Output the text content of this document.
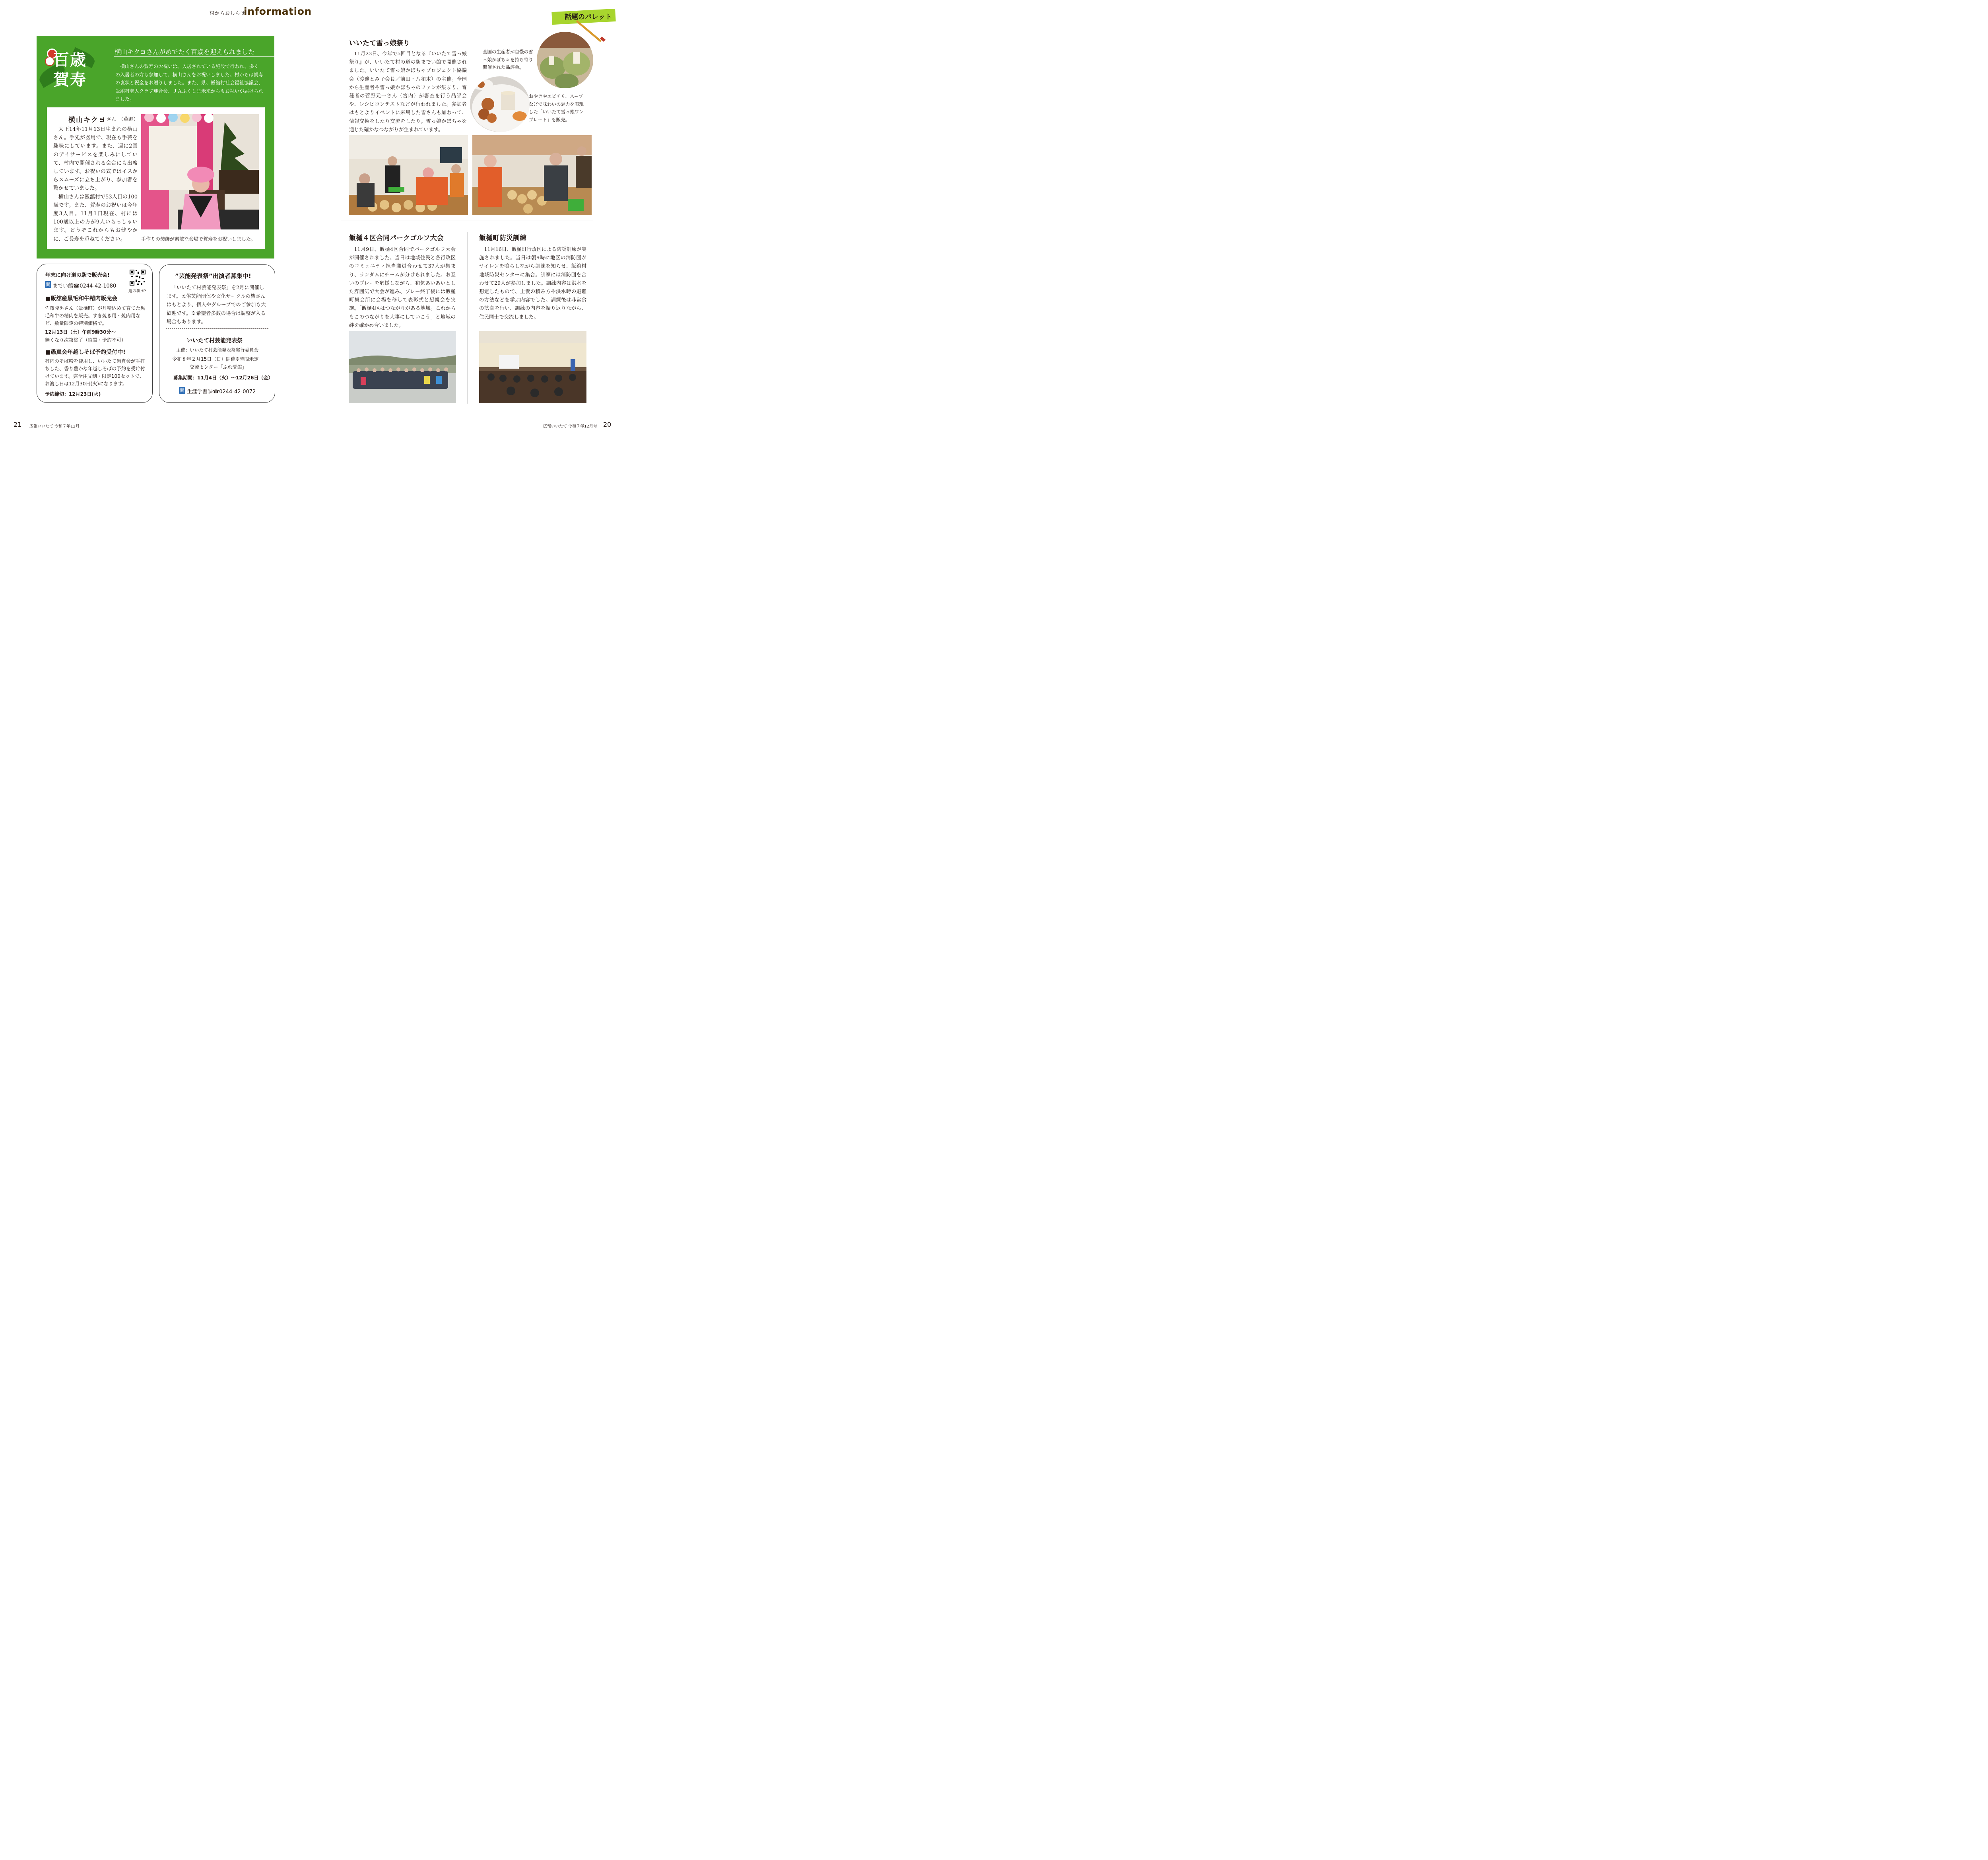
村からおしらせ
information	話題のパレット
百歳
賀寿
横山キクヨさんがめでたく百歳を迎えられました
横山さんの賀寿のお祝いは、入居されている施設で行われ、多くの入居者の方も参加して、横山さんをお祝いしました。村からは賀寿の褒状と祝金をお贈りしました。また、県、飯舘村社会福祉協議会、飯舘村老人クラブ連合会、ＪＡふくしま未来からもお祝いが届けられました。
横山キクヨ さん （草野）
大正14年11月13日生まれの横山さん。手先が器用で、現在も手芸を趣味にしています。また、週に2回のデイサービスを楽しみにしていて、村内で開催される会合にも出席しています。お祝いの式ではイスからスムーズに立ち上がり、参加者を驚かせていました。
横山さんは飯舘村で53人目の100歳です。また、賀寿のお祝いは今年度3人目。11月1日現在、村には100歳以上の方が9人いらっしゃいます。どうぞこれからもお健やかに、ご長寿を重ねてください。	手作りの装飾が素敵な会場で賀寿をお祝いしました。
年末に向け道の駅で販売会!
道の駅HP
問 までい館☎0244-42-1080
■飯舘産黒毛和牛精肉販売会
佐藤隆男さん（飯樋町）が丹精込めて育てた黒毛和牛の精肉を販売。すき焼き用・焼肉用など、数量限定の特別価格で。
12月13日（土）午前9時30分〜
無くなり次第終了（取置・予約不可）
■愚真会年越しそば予約受付中!
村内のそば粉を使用し、いいたて愚真会が手打ちした、香り豊かな年越しそばの予約を受け付けています。完全注文制・限定100セットで、お渡し日は12月30日(火)になります。
予約締切：12月23日(火)
”芸能発表祭”出演者募集中!
「いいたて村芸能発表祭」を2月に開催します。民俗芸能団体や文化サークルの皆さんはもとより、個人やグループでのご参加も大歓迎です。※希望者多数の場合は調整が入る場合もあります。
いいたて村芸能発表祭
主催：いいたて村芸能発表祭実行委員会
令和８年２月15日（日）開催※時間未定
交流センター「ふれ愛館」
募集期間：11月4日（火）〜12月26日（金）
問 生涯学習課☎0244-42-0072
いいたて雪っ娘祭り
11月23日、今年で5回目となる『いいたて雪っ娘祭り』が、いいたて村の道の駅までい館で開催されました。いいたて雪っ娘かぼちゃプロジェクト協議会（渡邊とみ子会長／前田・八和木）の主催。全国から生産者や雪っ娘かぼちゃのファンが集まり、育種者の菅野元一さん（宮内）が審査を行う品評会や、レシピコンテストなどが行われました。参加者はもとよりイベントに来場した皆さんも加わって、情報交換をしたり交流をしたり。雪っ娘かぼちゃを通じた確かなつながりが生まれています。
全国の生産者が自慢の雪っ娘かぼちゃを持ち寄り開催された品評会。
おやきやエビチリ、スープなどで味わいの魅力を表現した「いいたて雪っ娘ワンプレート」も販売。
飯樋４区合同パークゴルフ大会
11月9日、飯樋4区合同でパークゴルフ大会が開催されました。当日は地域住民と各行政区のコミュニティ担当職員合わせて37人が集まり、ランダムにチームが分けられました。お互いのプレーを応援しながら、和気あいあいとした雰囲気で大会が進み、プレー終了後には飯樋町集会所に会場を移して表彰式と懇親会を実施。「飯樋4区はつながりがある地域。これからもこのつながりを大事にしていこう」と地域の絆を確かめ合いました。
飯樋町防災訓練
11月16日、飯樋町行政区による防災訓練が実施されました。当日は朝9時に地区の消防団がサイレンを鳴らしながら訓練を知らせ、飯舘村地域防災センターに集合。訓練には消防団を合わせて29人が参加しました。訓練内容は洪水を想定したもので、土嚢の積み方や洪水時の避難の方法などを学ぶ内容でした。訓練後は非常食の試食を行い、訓練の内容を振り返りながら、住民同士で交流しました。
21 広報いいたて 令和７年12月	広報いいたて 令和７年12月号 20
